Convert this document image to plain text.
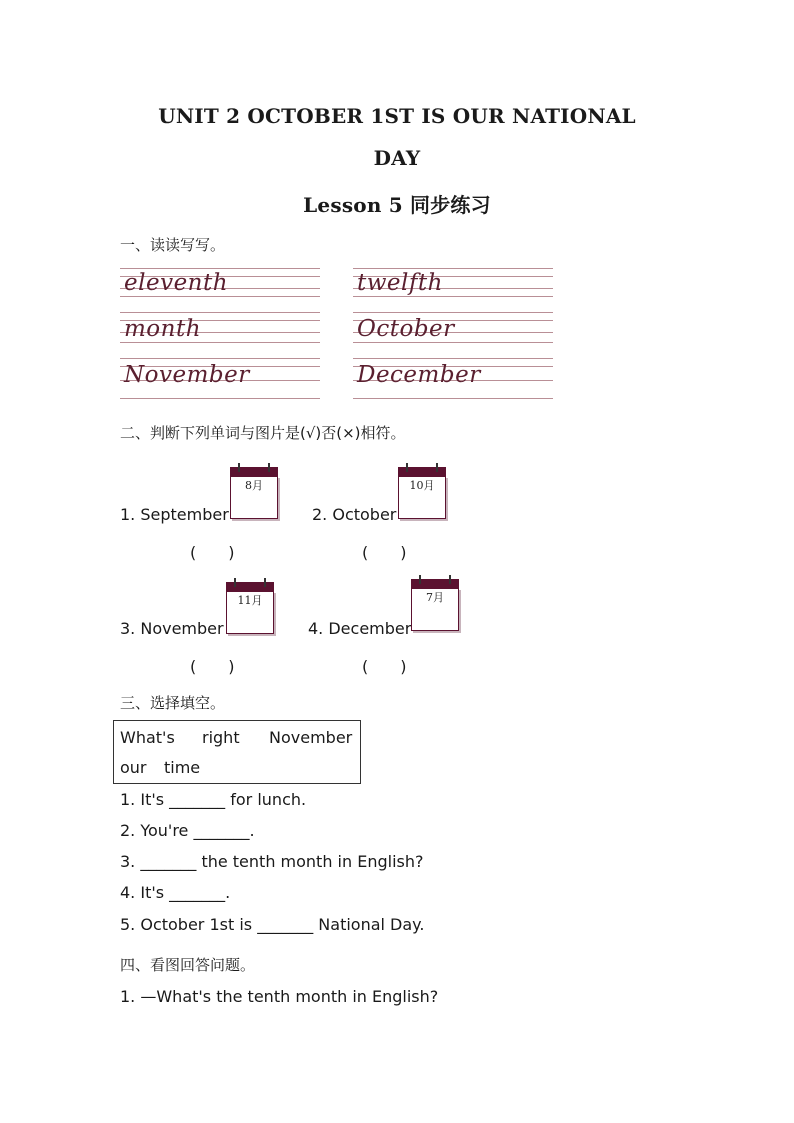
UNIT 2 OCTOBER 1ST IS OUR NATIONAL
DAY
Lesson 5 同步练习
一、读读写写。
eleventh
month
November
twelfth
October
December
二、判断下列单词与图片是(√)否(×)相符。
1. September
8月
(　　)
2. October
10月
(　　)
3. November
11月
(　　)
4. December
7月
(　　)
三、选择填空。
What's right November
our time
1. It's _______ for lunch.
2. You're _______.
3. _______ the tenth month in English?
4. It's _______.
5. October 1st is _______ National Day.
四、看图回答问题。
1. —What's the tenth month in English?
